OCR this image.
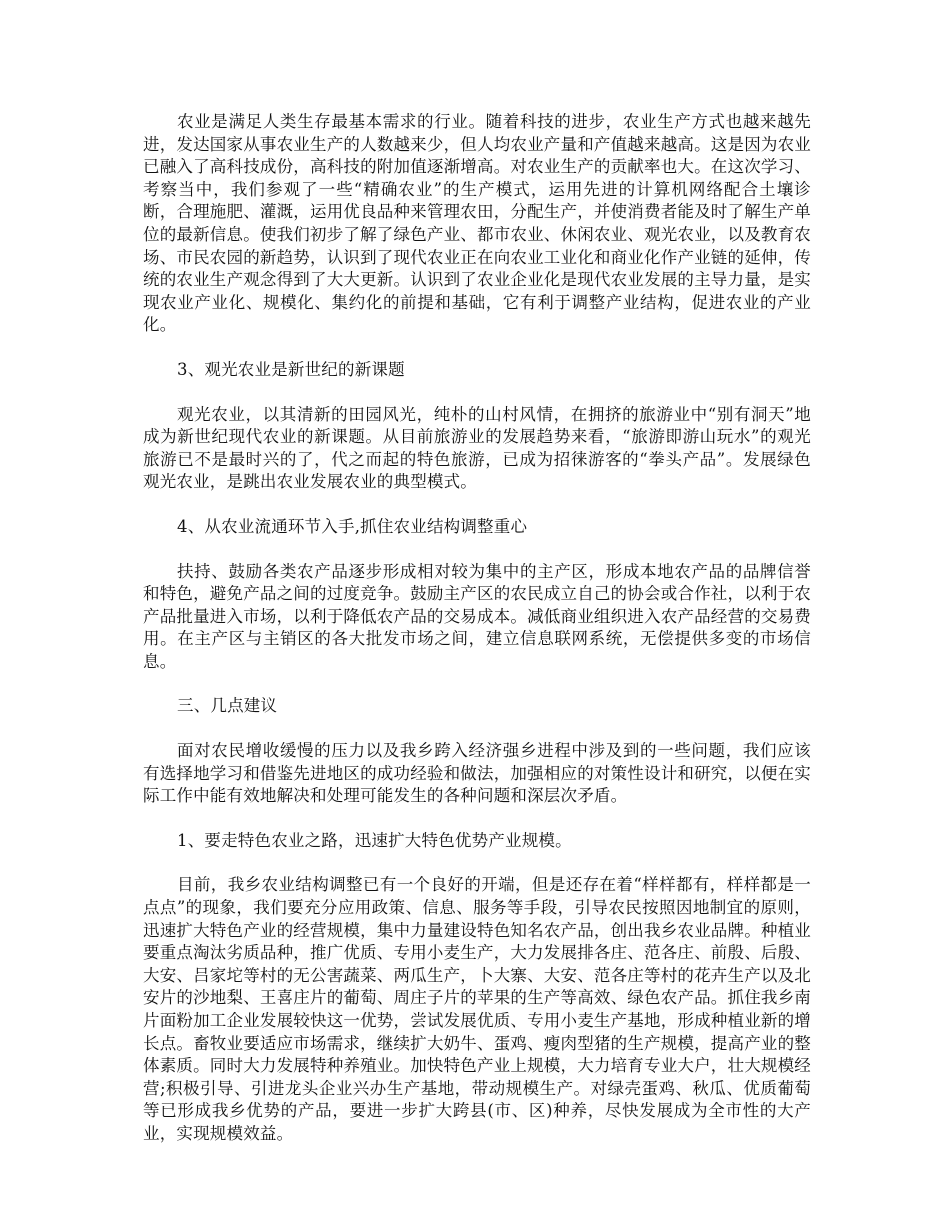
农业是满足人类生存最基本需求的行业。随着科技的进步，农业生产方式也越来越先进，发达国家从事农业生产的人数越来少，但人均农业产量和产值越来越高。这是因为农业已融入了高科技成份，高科技的附加值逐渐增高。对农业生产的贡献率也大。在这次学习、考察当中，我们参观了一些“精确农业”的生产模式，运用先进的计算机网络配合土壤诊断，合理施肥、灌溉，运用优良品种来管理农田，分配生产，并使消费者能及时了解生产单位的最新信息。使我们初步了解了绿色产业、都市农业、休闲农业、观光农业，以及教育农场、市民农园的新趋势，认识到了现代农业正在向农业工业化和商业化作产业链的延伸，传统的农业生产观念得到了大大更新。认识到了农业企业化是现代农业发展的主导力量，是实现农业产业化、规模化、集约化的前提和基础，它有利于调整产业结构，促进农业的产业化。

3、观光农业是新世纪的新课题

观光农业，以其清新的田园风光，纯朴的山村风情，在拥挤的旅游业中“别有洞天”地成为新世纪现代农业的新课题。从目前旅游业的发展趋势来看，“旅游即游山玩水”的观光旅游已不是最时兴的了，代之而起的特色旅游，已成为招徕游客的“拳头产品”。发展绿色观光农业，是跳出农业发展农业的典型模式。

4、从农业流通环节入手,抓住农业结构调整重心

扶持、鼓励各类农产品逐步形成相对较为集中的主产区，形成本地农产品的品牌信誉和特色，避免产品之间的过度竞争。鼓励主产区的农民成立自己的协会或合作社，以利于农产品批量进入市场，以利于降低农产品的交易成本。减低商业组织进入农产品经营的交易费用。在主产区与主销区的各大批发市场之间，建立信息联网系统，无偿提供多变的市场信息。

三、几点建议

面对农民增收缓慢的压力以及我乡跨入经济强乡进程中涉及到的一些问题，我们应该有选择地学习和借鉴先进地区的成功经验和做法，加强相应的对策性设计和研究，以便在实际工作中能有效地解决和处理可能发生的各种问题和深层次矛盾。

1、要走特色农业之路，迅速扩大特色优势产业规模。

目前，我乡农业结构调整已有一个良好的开端，但是还存在着“样样都有，样样都是一点点”的现象，我们要充分应用政策、信息、服务等手段，引导农民按照因地制宜的原则，迅速扩大特色产业的经营规模，集中力量建设特色知名农产品，创出我乡农业品牌。种植业要重点淘汰劣质品种，推广优质、专用小麦生产，大力发展排各庄、范各庄、前殷、后殷、大安、吕家坨等村的无公害蔬菜、两瓜生产，卜大寨、大安、范各庄等村的花卉生产以及北安片的沙地梨、王喜庄片的葡萄、周庄子片的苹果的生产等高效、绿色农产品。抓住我乡南片面粉加工企业发展较快这一优势，尝试发展优质、专用小麦生产基地，形成种植业新的增长点。畜牧业要适应市场需求，继续扩大奶牛、蛋鸡、瘦肉型猪的生产规模，提高产业的整体素质。同时大力发展特种养殖业。加快特色产业上规模，大力培育专业大户，壮大规模经营;积极引导、引进龙头企业兴办生产基地，带动规模生产。对绿壳蛋鸡、秋瓜、优质葡萄等已形成我乡优势的产品，要进一步扩大跨县(市、区)种养，尽快发展成为全市性的大产业，实现规模效益。
